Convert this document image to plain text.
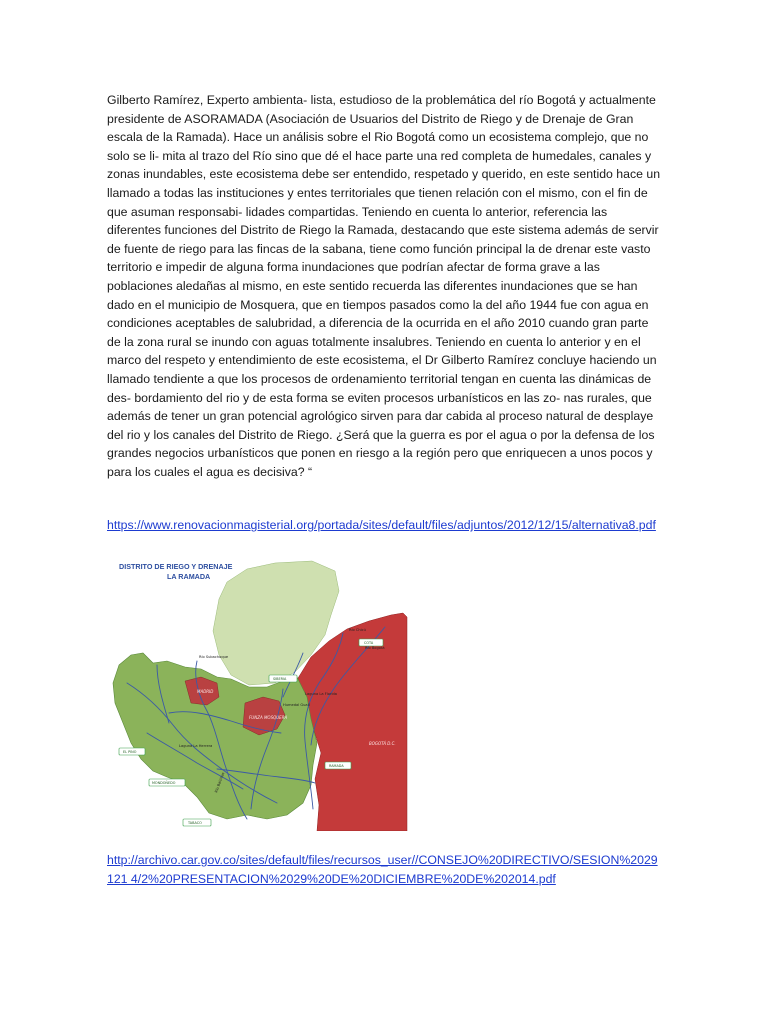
Gilberto Ramírez, Experto ambienta- lista, estudioso de la problemática del río Bogotá y actualmente presidente de ASORAMADA (Asociación de Usuarios del Distrito de Riego y de Drenaje de Gran escala de la Ramada). Hace un análisis sobre el Rio Bogotá como un ecosistema complejo, que no solo se li- mita al trazo del Río sino que dé el hace parte una red completa de humedales, canales y zonas inundables, este ecosistema debe ser entendido, respetado y querido, en este sentido hace un llamado a todas las instituciones y entes territoriales que tienen relación con el mismo, con el fin de que asuman responsabi- lidades compartidas. Teniendo en cuenta lo anterior, referencia las diferentes funciones del Distrito de Riego la Ramada, destacando que este sistema además de servir de fuente de riego para las fincas de la sabana, tiene como función principal la de drenar este vasto territorio e impedir de alguna forma inundaciones que podrían afectar de forma grave a las poblaciones aledañas al mismo, en este sentido recuerda las diferentes inundaciones que se han dado en el municipio de Mosquera, que en tiempos pasados como la del año 1944 fue con agua en condiciones aceptables de salubridad, a diferencia de la ocurrida en el año 2010 cuando gran parte de la zona rural se inundo con aguas totalmente insalubres. Teniendo en cuenta lo anterior y en el marco del respeto y entendimiento de este ecosistema, el Dr Gilberto Ramírez concluye haciendo un llamado tendiente a que los procesos de ordenamiento territorial tengan en cuenta las dinámicas de des- bordamiento del rio y de esta forma se eviten procesos urbanísticos en las zo- nas rurales, que además de tener un gran potencial agrológico sirven para dar cabida al proceso natural de desplaye del rio y los canales del Distrito de Riego. ¿Será que la guerra es por el agua o por la defensa de los grandes negocios urbanísticos que ponen en riesgo a la región pero que enriquecen a unos pocos y para los cuales el agua es decisiva? “

https://www.renovacionmagisterial.org/portada/sites/default/files/adjuntos/2012/12/15/alternativa8.pdf
DISTRITO DE RIEGO Y DRENAJE
LA RAMADA
Río Subachoque
Río Chicú
Río Bogotá
Humedal Gualí
Laguna La Florida
Laguna La Herrera
FUNZA MOSQUERA
MADRID
BOGOTÁ D.C.
Río Balsillas
COTA
SIBERIA
EL PINO
RAMADA
MONDOÑEDO
TABACO
http://archivo.car.gov.co/sites/default/files/recursos_user//CONSEJO%20DIRECTIVO/SESION%2029121 4/2%20PRESENTACION%2029%20DE%20DICIEMBRE%20DE%202014.pdf
